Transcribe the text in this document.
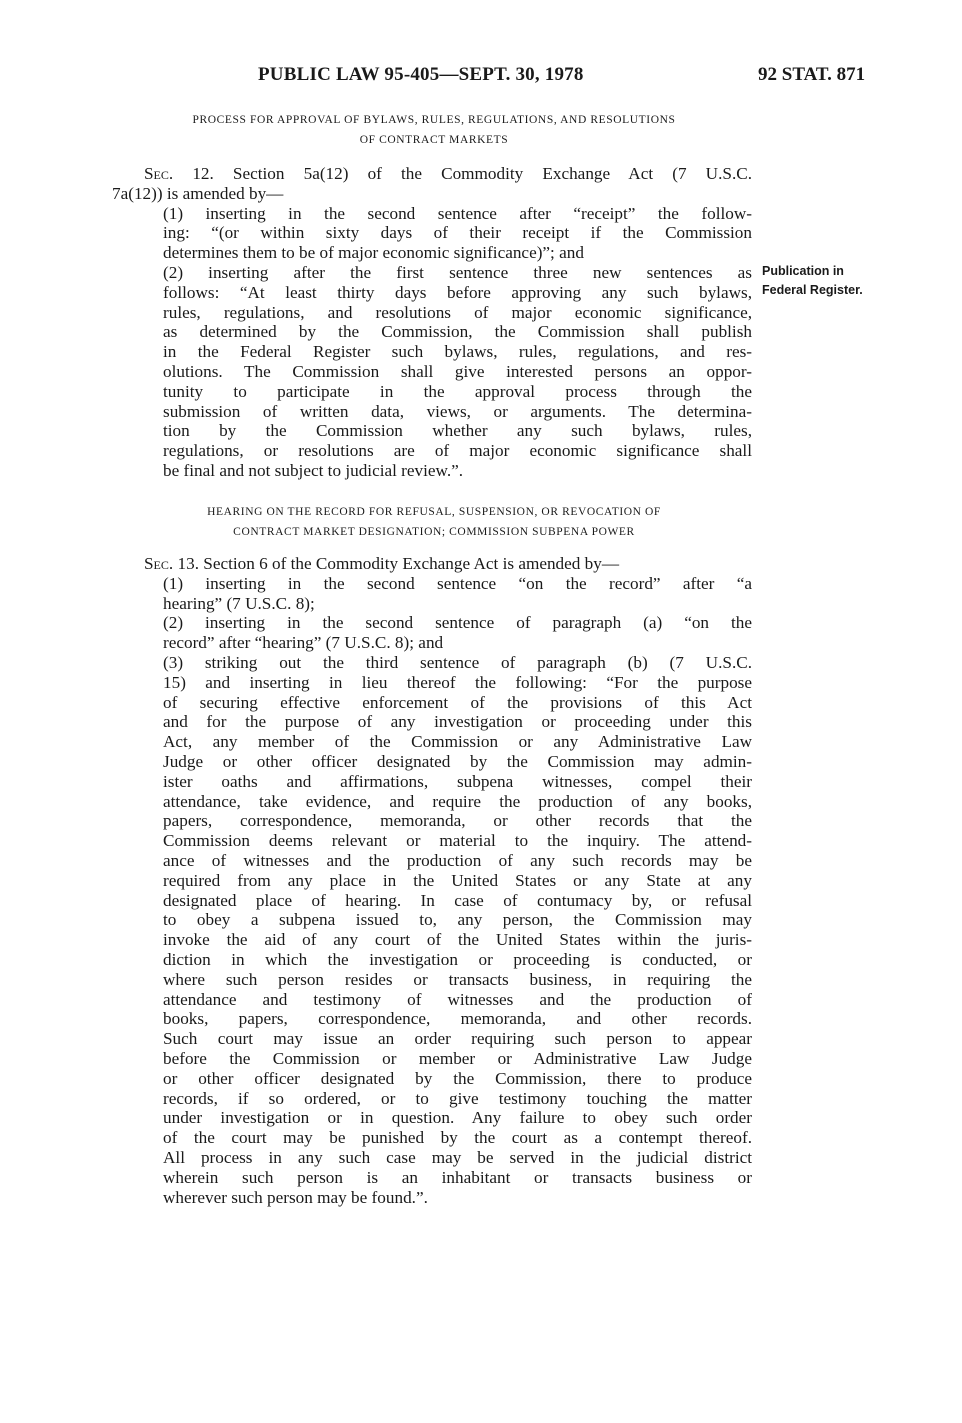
PUBLIC LAW 95-405—SEPT. 30, 1978	92 STAT. 871
PROCESS FOR APPROVAL OF BYLAWS, RULES, REGULATIONS, AND RESOLUTIONS
OF CONTRACT MARKETS
Sec. 12. Section 5a(12) of the Commodity Exchange Act (7 U.S.C.
7a(12)) is amended by—
(1) inserting in the second sentence after “receipt” the follow-
ing: “(or within sixty days of their receipt if the Commission
determines them to be of major economic significance)”; and
(2) inserting after the first sentence three new sentences as
follows: “At least thirty days before approving any such bylaws,
rules, regulations, and resolutions of major economic significance,
as determined by the Commission, the Commission shall publish
in the Federal Register such bylaws, rules, regulations, and res-
olutions. The Commission shall give interested persons an oppor-
tunity to participate in the approval process through the
submission of written data, views, or arguments. The determina-
tion by the Commission whether any such bylaws, rules,
regulations, or resolutions are of major economic significance shall
be final and not subject to judicial review.”.
Publication in
Federal Register.
HEARING ON THE RECORD FOR REFUSAL, SUSPENSION, OR REVOCATION OF
CONTRACT MARKET DESIGNATION; COMMISSION SUBPENA POWER
Sec. 13. Section 6 of the Commodity Exchange Act is amended by—
(1) inserting in the second sentence “on the record” after “a
hearing” (7 U.S.C. 8);
(2) inserting in the second sentence of paragraph (a) “on the
record” after “hearing” (7 U.S.C. 8); and
(3) striking out the third sentence of paragraph (b) (7 U.S.C.
15) and inserting in lieu thereof the following: “For the purpose
of securing effective enforcement of the provisions of this Act
and for the purpose of any investigation or proceeding under this
Act, any member of the Commission or any Administrative Law
Judge or other officer designated by the Commission may admin-
ister oaths and affirmations, subpena witnesses, compel their
attendance, take evidence, and require the production of any books,
papers, correspondence, memoranda, or other records that the
Commission deems relevant or material to the inquiry. The attend-
ance of witnesses and the production of any such records may be
required from any place in the United States or any State at any
designated place of hearing. In case of contumacy by, or refusal
to obey a subpena issued to, any person, the Commission may
invoke the aid of any court of the United States within the juris-
diction in which the investigation or proceeding is conducted, or
where such person resides or transacts business, in requiring the
attendance and testimony of witnesses and the production of
books, papers, correspondence, memoranda, and other records.
Such court may issue an order requiring such person to appear
before the Commission or member or Administrative Law Judge
or other officer designated by the Commission, there to produce
records, if so ordered, or to give testimony touching the matter
under investigation or in question. Any failure to obey such order
of the court may be punished by the court as a contempt thereof.
All process in any such case may be served in the judicial district
wherein such person is an inhabitant or transacts business or
wherever such person may be found.”.
